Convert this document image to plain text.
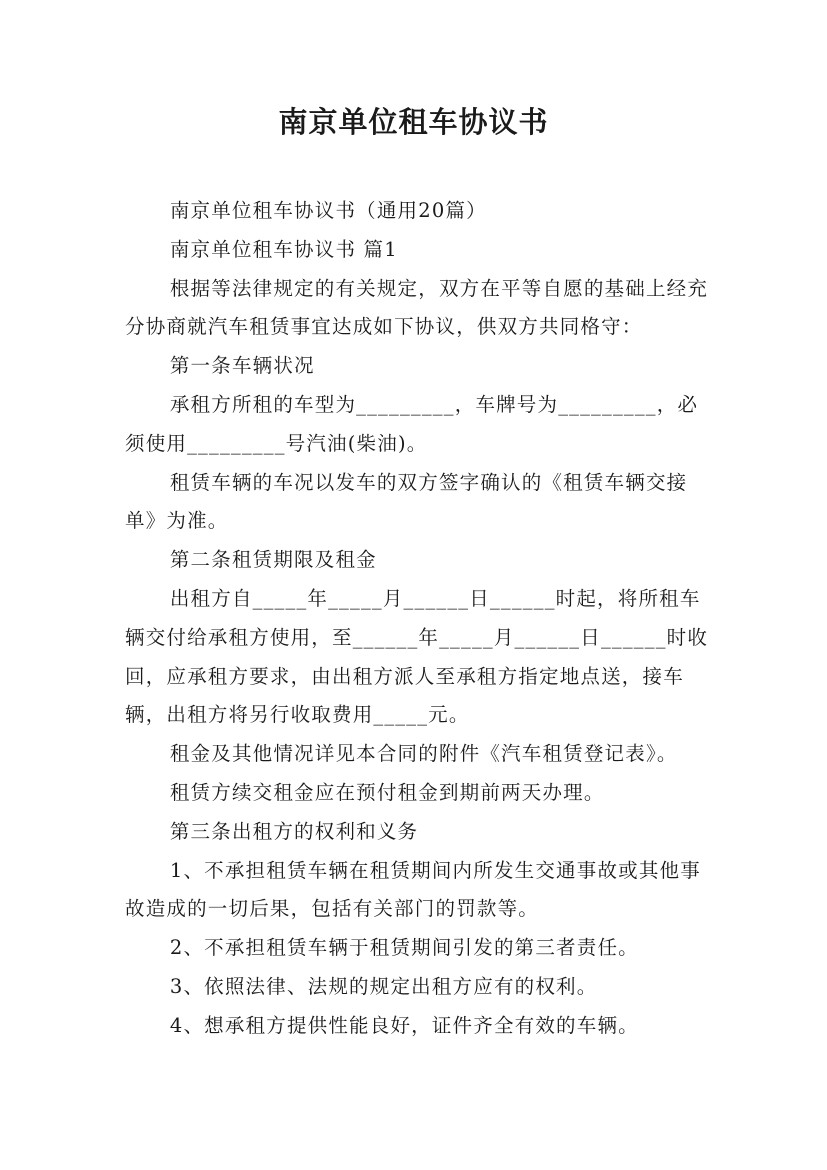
南京单位租车协议书

南京单位租车协议书（通用20篇）

南京单位租车协议书 篇1

根据等法律规定的有关规定，双方在平等自愿的基础上经充分协商就汽车租赁事宜达成如下协议，供双方共同格守：

第一条车辆状况

承租方所租的车型为_________，车牌号为_________，必须使用_________号汽油(柴油)。

租赁车辆的车况以发车的双方签字确认的《租赁车辆交接单》为准。

第二条租赁期限及租金

出租方自_____年_____月______日______时起，将所租车辆交付给承租方使用，至______年_____月______日______时收回，应承租方要求，由出租方派人至承租方指定地点送，接车辆，出租方将另行收取费用_____元。

租金及其他情况详见本合同的附件《汽车租赁登记表》。

租赁方续交租金应在预付租金到期前两天办理。

第三条出租方的权利和义务

1、不承担租赁车辆在租赁期间内所发生交通事故或其他事故造成的一切后果，包括有关部门的罚款等。

2、不承担租赁车辆于租赁期间引发的第三者责任。

3、依照法律、法规的规定出租方应有的权利。

4、想承租方提供性能良好，证件齐全有效的车辆。
